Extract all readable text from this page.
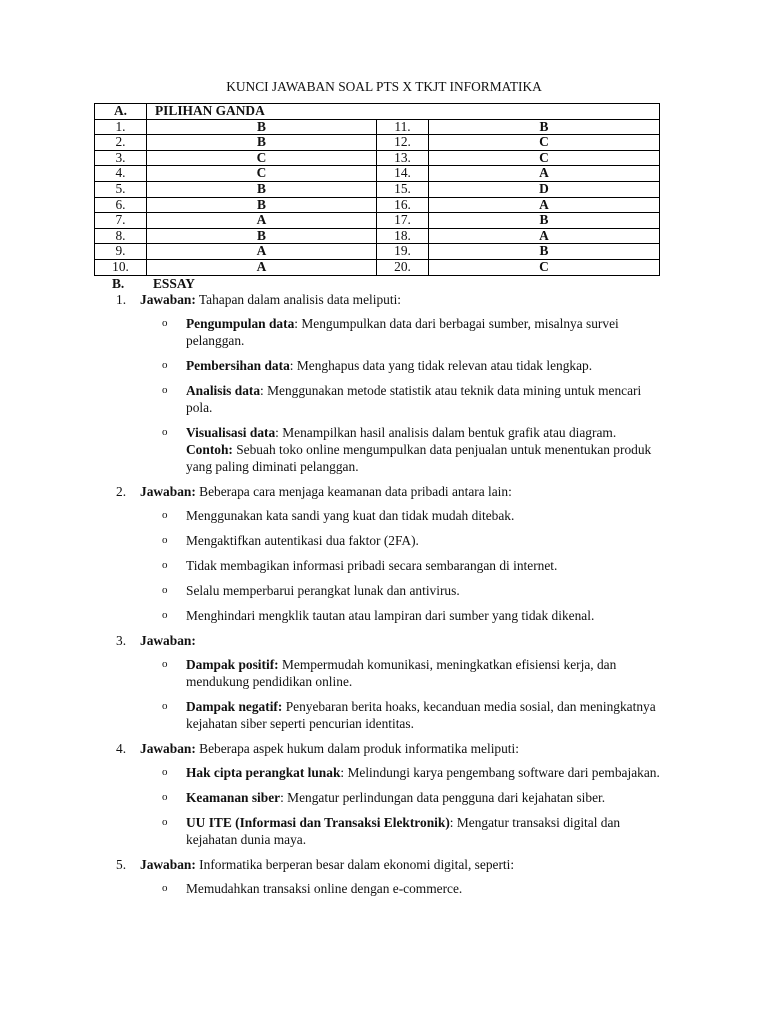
KUNCI JAWABAN SOAL PTS X TKJT INFORMATIKA
A.	PILIHAN GANDA		
1.	B	11.	B
2.	B	12.	C
3.	C	13.	C
4.	C	14.	A
5.	B	15.	D
6.	B	16.	A
7.	A	17.	B
8.	B	18.	A
9.	A	19.	B
10.	A	20.	C
B. ESSAY
1. Jawaban: Tahapan dalam analisis data meliputi:
o Pengumpulan data: Mengumpulkan data dari berbagai sumber, misalnya survei pelanggan.
o Pembersihan data: Menghapus data yang tidak relevan atau tidak lengkap.
o Analisis data: Menggunakan metode statistik atau teknik data mining untuk mencari pola.
o Visualisasi data: Menampilkan hasil analisis dalam bentuk grafik atau diagram.
Contoh: Sebuah toko online mengumpulkan data penjualan untuk menentukan produk yang paling diminati pelanggan.
2. Jawaban: Beberapa cara menjaga keamanan data pribadi antara lain:
o Menggunakan kata sandi yang kuat dan tidak mudah ditebak.
o Mengaktifkan autentikasi dua faktor (2FA).
o Tidak membagikan informasi pribadi secara sembarangan di internet.
o Selalu memperbarui perangkat lunak dan antivirus.
o Menghindari mengklik tautan atau lampiran dari sumber yang tidak dikenal.
3. Jawaban:
o Dampak positif: Mempermudah komunikasi, meningkatkan efisiensi kerja, dan mendukung pendidikan online.
o Dampak negatif: Penyebaran berita hoaks, kecanduan media sosial, dan meningkatnya kejahatan siber seperti pencurian identitas.
4. Jawaban: Beberapa aspek hukum dalam produk informatika meliputi:
o Hak cipta perangkat lunak: Melindungi karya pengembang software dari pembajakan.
o Keamanan siber: Mengatur perlindungan data pengguna dari kejahatan siber.
o UU ITE (Informasi dan Transaksi Elektronik): Mengatur transaksi digital dan kejahatan dunia maya.
5. Jawaban: Informatika berperan besar dalam ekonomi digital, seperti:
o Memudahkan transaksi online dengan e-commerce.
